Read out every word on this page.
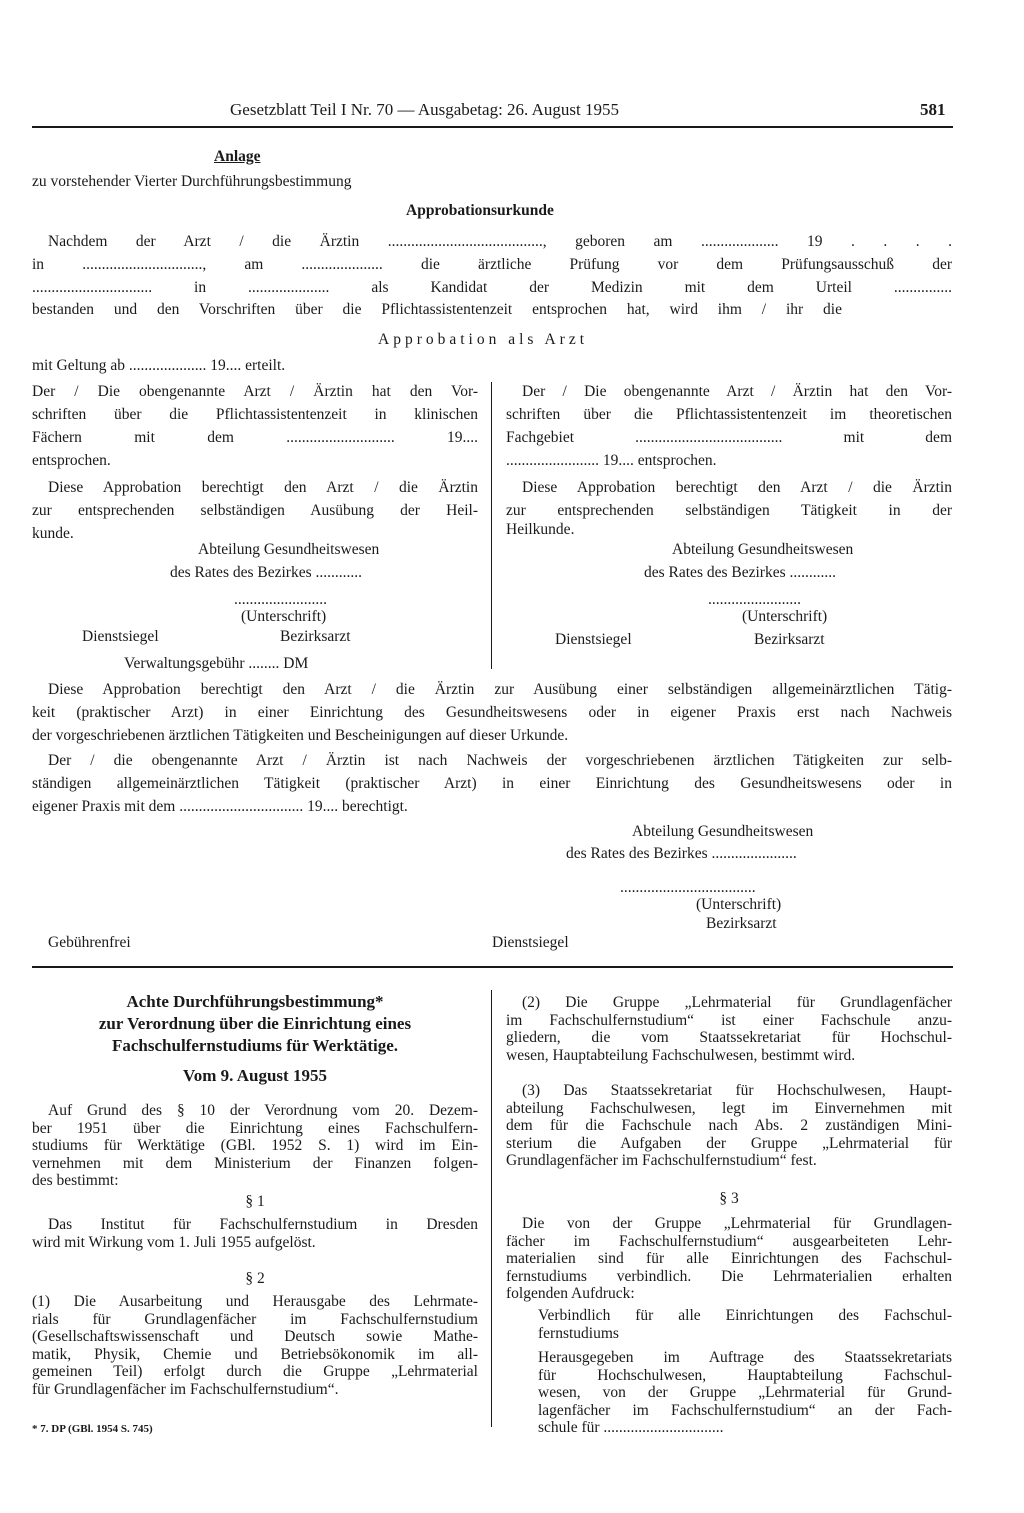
Gesetzblatt Teil I Nr. 70 — Ausgabetag: 26. August 1955	581
Anlage
zu vorstehender Vierter Durchführungsbestimmung
Approbationsurkunde
Nachdem der Arzt / die Ärztin ........................................, geboren am .................... 19 . . . .
in ..............................., am ..................... die ärztliche Prüfung vor dem Prüfungsausschuß der
............................... in ..................... als Kandidat der Medizin mit dem Urteil ...............
bestanden und den Vorschriften über die Pflichtassistentenzeit entsprochen hat, wird ihm / ihr die
Approbation als Arzt
mit Geltung ab .................... 19.... erteilt.
Der / Die obengenannte Arzt / Ärztin hat den Vor-
schriften über die Pflichtassistentenzeit in klinischen
Fächern mit dem ............................ 19....
entsprochen.
Diese Approbation berechtigt den Arzt / die Ärztin
zur entsprechenden selbständigen Ausübung der Heil-
kunde.
Abteilung Gesundheitswesen
des Rates des Bezirkes ............
........................
(Unterschrift)
Dienstsiegel	Bezirksarzt
Verwaltungsgebühr ........ DM
Der / Die obengenannte Arzt / Ärztin hat den Vor-
schriften über die Pflichtassistentenzeit im theoretischen
Fachgebiet ...................................... mit dem
........................ 19.... entsprochen.
Diese Approbation berechtigt den Arzt / die Ärztin
zur entsprechenden selbständigen Tätigkeit in der
Heilkunde.
Abteilung Gesundheitswesen
des Rates des Bezirkes ............
........................
(Unterschrift)
Dienstsiegel	Bezirksarzt
Diese Approbation berechtigt den Arzt / die Ärztin zur Ausübung einer selbständigen allgemeinärztlichen Tätig-
keit (praktischer Arzt) in einer Einrichtung des Gesundheitswesens oder in eigener Praxis erst nach Nachweis
der vorgeschriebenen ärztlichen Tätigkeiten und Bescheinigungen auf dieser Urkunde.
Der / die obengenannte Arzt / Ärztin ist nach Nachweis der vorgeschriebenen ärztlichen Tätigkeiten zur selb-
ständigen allgemeinärztlichen Tätigkeit (praktischer Arzt) in einer Einrichtung des Gesundheitswesens oder in
eigener Praxis mit dem ................................ 19.... berechtigt.
Abteilung Gesundheitswesen
des Rates des Bezirkes ......................
...................................
(Unterschrift)
Bezirksarzt
Gebührenfrei	Dienstsiegel
Achte Durchführungsbestimmung*
zur Verordnung über die Einrichtung eines
Fachschulfernstudiums für Werktätige.
Vom 9. August 1955
Auf Grund des § 10 der Verordnung vom 20. Dezem-
ber 1951 über die Einrichtung eines Fachschulfern-
studiums für Werktätige (GBl. 1952 S. 1) wird im Ein-
vernehmen mit dem Ministerium der Finanzen folgen-
des bestimmt:
§ 1
Das Institut für Fachschulfernstudium in Dresden
wird mit Wirkung vom 1. Juli 1955 aufgelöst.
§ 2
(1) Die Ausarbeitung und Herausgabe des Lehrmate-
rials für Grundlagenfächer im Fachschulfernstudium
(Gesellschaftswissenschaft und Deutsch sowie Mathe-
matik, Physik, Chemie und Betriebsökonomik im all-
gemeinen Teil) erfolgt durch die Gruppe „Lehrmaterial
für Grundlagenfächer im Fachschulfernstudium“.
* 7. DP (GBl. 1954 S. 745)
(2) Die Gruppe „Lehrmaterial für Grundlagenfächer
im Fachschulfernstudium“ ist einer Fachschule anzu-
gliedern, die vom Staatssekretariat für Hochschul-
wesen, Hauptabteilung Fachschulwesen, bestimmt wird.
(3) Das Staatssekretariat für Hochschulwesen, Haupt-
abteilung Fachschulwesen, legt im Einvernehmen mit
dem für die Fachschule nach Abs. 2 zuständigen Mini-
sterium die Aufgaben der Gruppe „Lehrmaterial für
Grundlagenfächer im Fachschulfernstudium“ fest.
§ 3
Die von der Gruppe „Lehrmaterial für Grundlagen-
fächer im Fachschulfernstudium“ ausgearbeiteten Lehr-
materialien sind für alle Einrichtungen des Fachschul-
fernstudiums verbindlich. Die Lehrmaterialien erhalten
folgenden Aufdruck:
Verbindlich für alle Einrichtungen des Fachschul-
fernstudiums
Herausgegeben im Auftrage des Staatssekretariats
für Hochschulwesen, Hauptabteilung Fachschul-
wesen, von der Gruppe „Lehrmaterial für Grund-
lagenfächer im Fachschulfernstudium“ an der Fach-
schule für ...............................
